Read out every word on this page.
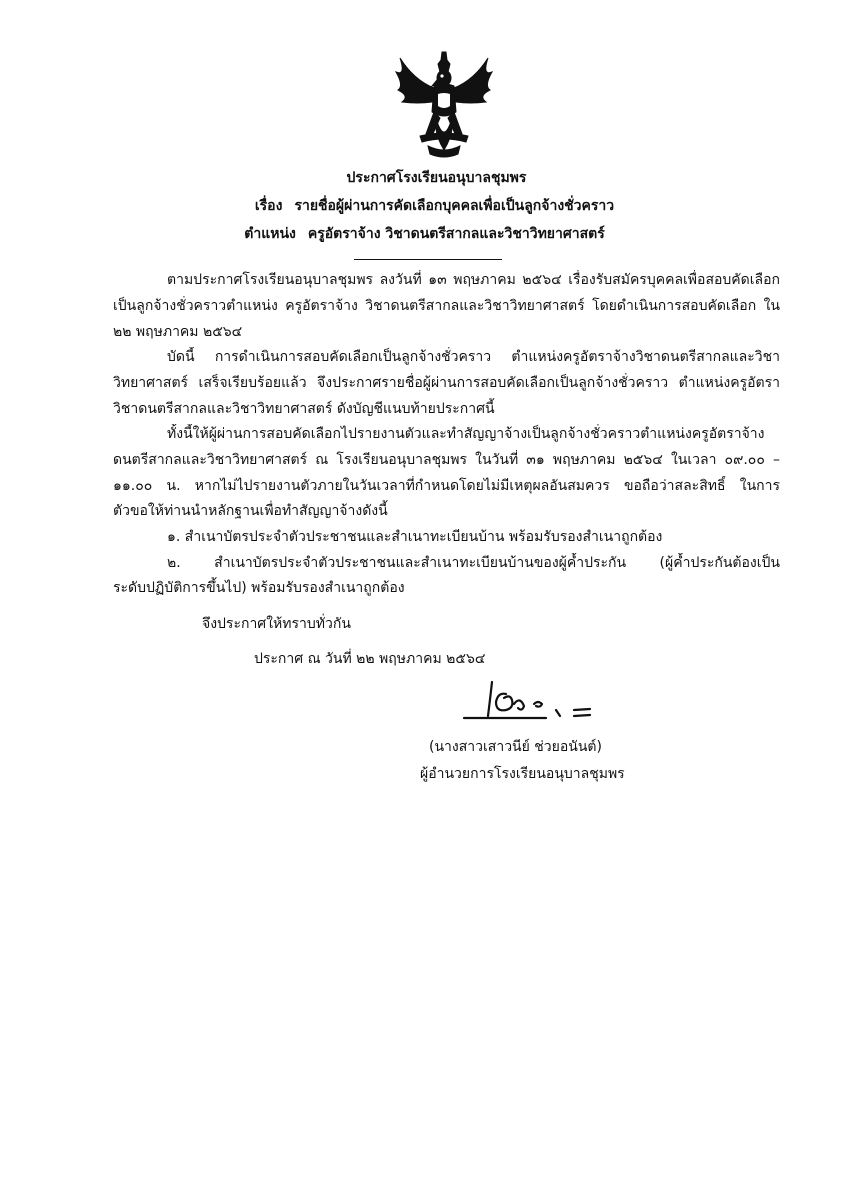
ประกาศโรงเรียนอนุบาลชุมพร
เรื่อง รายชื่อผู้ผ่านการคัดเลือกบุคคลเพื่อเป็นลูกจ้างชั่วคราว
ตำแหน่ง ครูอัตราจ้าง วิชาดนตรีสากลและวิชาวิทยาศาสตร์
ตามประกาศโรงเรียนอนุบาลชุมพร ลงวันที่ ๑๓ พฤษภาคม ๒๕๖๔ เรื่องรับสมัครบุคคลเพื่อสอบคัดเลือก
เป็นลูกจ้างชั่วคราวตำแหน่ง ครูอัตราจ้าง วิชาดนตรีสากลและวิชาวิทยาศาสตร์ โดยดำเนินการสอบคัดเลือก ใน
๒๒ พฤษภาคม ๒๕๖๔
บัดนี้ การดำเนินการสอบคัดเลือกเป็นลูกจ้างชั่วคราว ตำแหน่งครูอัตราจ้างวิชาดนตรีสากลและวิชา
วิทยาศาสตร์ เสร็จเรียบร้อยแล้ว จึงประกาศรายชื่อผู้ผ่านการสอบคัดเลือกเป็นลูกจ้างชั่วคราว ตำแหน่งครูอัตรา
วิชาดนตรีสากลและวิชาวิทยาศาสตร์ ดังบัญชีแนบท้ายประกาศนี้
ทั้งนี้ให้ผู้ผ่านการสอบคัดเลือกไปรายงานตัวและทำสัญญาจ้างเป็นลูกจ้างชั่วคราวตำแหน่งครูอัตราจ้าง
ดนตรีสากลและวิชาวิทยาศาสตร์ ณ โรงเรียนอนุบาลชุมพร ในวันที่ ๓๑ พฤษภาคม ๒๕๖๔ ในเวลา ๐๙.๐๐ –
๑๑.๐๐ น. หากไม่ไปรายงานตัวภายในวันเวลาที่กำหนดโดยไม่มีเหตุผลอันสมควร ขอถือว่าสละสิทธิ์ ในการ
ตัวขอให้ท่านนำหลักฐานเพื่อทำสัญญาจ้างดังนี้
๑. สำเนาบัตรประจำตัวประชาชนและสำเนาทะเบียนบ้าน พร้อมรับรองสำเนาถูกต้อง
๒. สำเนาบัตรประจำตัวประชาชนและสำเนาทะเบียนบ้านของผู้ค้ำประกัน (ผู้ค้ำประกันต้องเป็น
ระดับปฏิบัติการขึ้นไป) พร้อมรับรองสำเนาถูกต้อง
จึงประกาศให้ทราบทั่วกัน
ประกาศ ณ วันที่ ๒๒ พฤษภาคม ๒๕๖๔
(นางสาวเสาวนีย์ ช่วยอนันต์)
ผู้อำนวยการโรงเรียนอนุบาลชุมพร
